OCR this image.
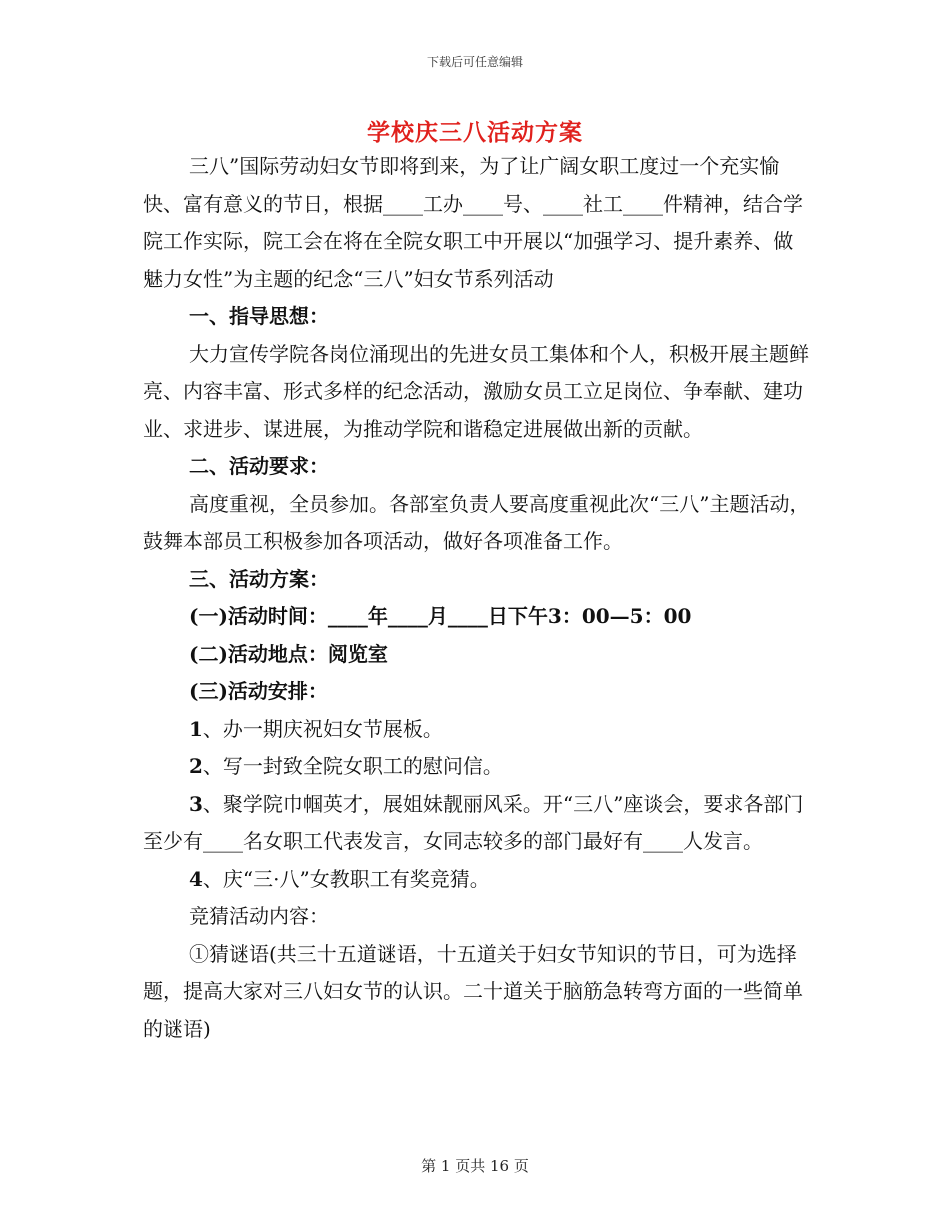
下载后可任意编辑
学校庆三八活动方案

三八”国际劳动妇女节即将到来，为了让广阔女职工度过一个充实愉快、富有意义的节日，根据____工办____号、____社工____件精神，结合学院工作实际，院工会在将在全院女职工中开展以“加强学习、提升素养、做魅力女性”为主题的纪念“三八”妇女节系列活动

一、指导思想：

大力宣传学院各岗位涌现出的先进女员工集体和个人，积极开展主题鲜亮、内容丰富、形式多样的纪念活动，激励女员工立足岗位、争奉献、建功业、求进步、谋进展，为推动学院和谐稳定进展做出新的贡献。

二、活动要求：

高度重视，全员参加。各部室负责人要高度重视此次“三八”主题活动，鼓舞本部员工积极参加各项活动，做好各项准备工作。

三、活动方案：

(一)活动时间：____年____月____日下午3：00—5：00

(二)活动地点：阅览室

(三)活动安排：

1、办一期庆祝妇女节展板。

2、写一封致全院女职工的慰问信。

3、聚学院巾帼英才，展姐妹靓丽风采。开“三八”座谈会，要求各部门至少有____名女职工代表发言，女同志较多的部门最好有____人发言。

4、庆“三·八”女教职工有奖竞猜。

竞猜活动内容：

①猜谜语(共三十五道谜语，十五道关于妇女节知识的节日，可为选择题，提高大家对三八妇女节的认识。二十道关于脑筋急转弯方面的一些简单的谜语)

第 1 页共 16 页
